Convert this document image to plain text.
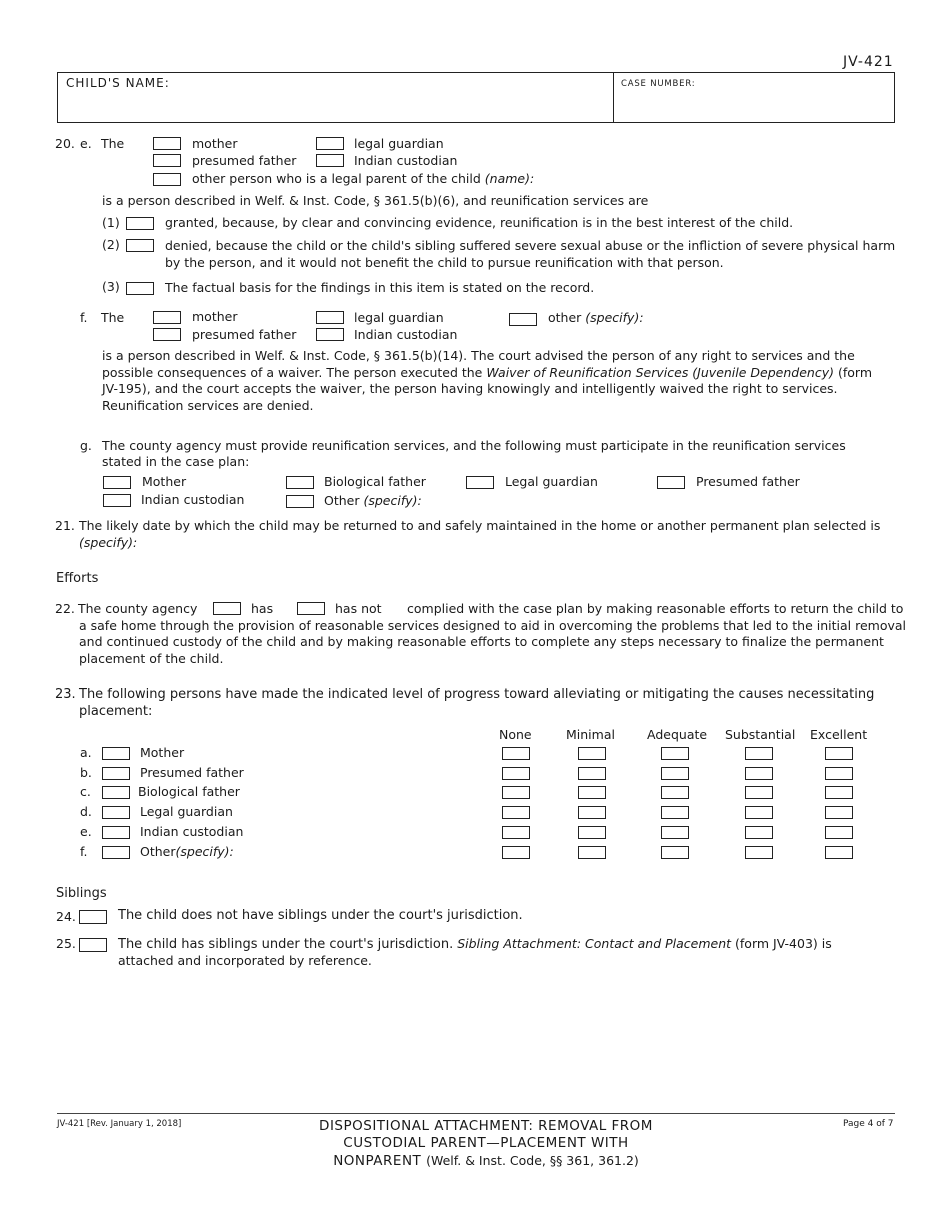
JV-421
CHILD'S NAME:	CASE NUMBER:
20. e. The	mother	legal guardian
presumed father	Indian custodian
other person who is a legal parent of the child (name):
is a person described in Welf. & Inst. Code, § 361.5(b)(6), and reunification services are
(1)	granted, because, by clear and convincing evidence, reunification is in the best interest of the child.
(2)	denied, because the child or the child's sibling suffered severe sexual abuse or the infliction of severe physical harm
by the person, and it would not benefit the child to pursue reunification with that person.
(3)	The factual basis for the findings in this item is stated on the record.
f. The	mother	legal guardian	other (specify):
presumed father	Indian custodian
is a person described in Welf. & Inst. Code, § 361.5(b)(14). The court advised the person of any right to services and the possible consequences of a waiver. The person executed the Waiver of Reunification Services (Juvenile Dependency) (form JV-195), and the court accepts the waiver, the person having knowingly and intelligently waived the right to services. Reunification services are denied.
g. The county agency must provide reunification services, and the following must participate in the reunification services
stated in the case plan:
Mother	Biological father	Legal guardian	Presumed father
Indian custodian	Other (specify):
21. The likely date by which the child may be returned to and safely maintained in the home or another permanent plan selected is
(specify):
Efforts
22. The county agency	has	has not complied with the case plan by making reasonable efforts to return the child to
a safe home through the provision of reasonable services designed to aid in overcoming the problems that led to the initial removal
and continued custody of the child and by making reasonable efforts to complete any steps necessary to finalize the permanent
placement of the child.
23. The following persons have made the indicated level of progress toward alleviating or mitigating the causes necessitating
placement:
None	Minimal	Adequate Substantial Excellent
a.	Mother
b.	Presumed father
c.	Biological father
d.	Legal guardian
e.	Indian custodian
f.	Other(specify):
Siblings
24.	The child does not have siblings under the court's jurisdiction.
25.	The child has siblings under the court's jurisdiction. Sibling Attachment: Contact and Placement (form JV-403) is
attached and incorporated by reference.
JV-421 [Rev. January 1, 2018]	Page 4 of 7
DISPOSITIONAL ATTACHMENT: REMOVAL FROM
CUSTODIAL PARENT—PLACEMENT WITH
NONPARENT (Welf. & Inst. Code, §§ 361, 361.2)
